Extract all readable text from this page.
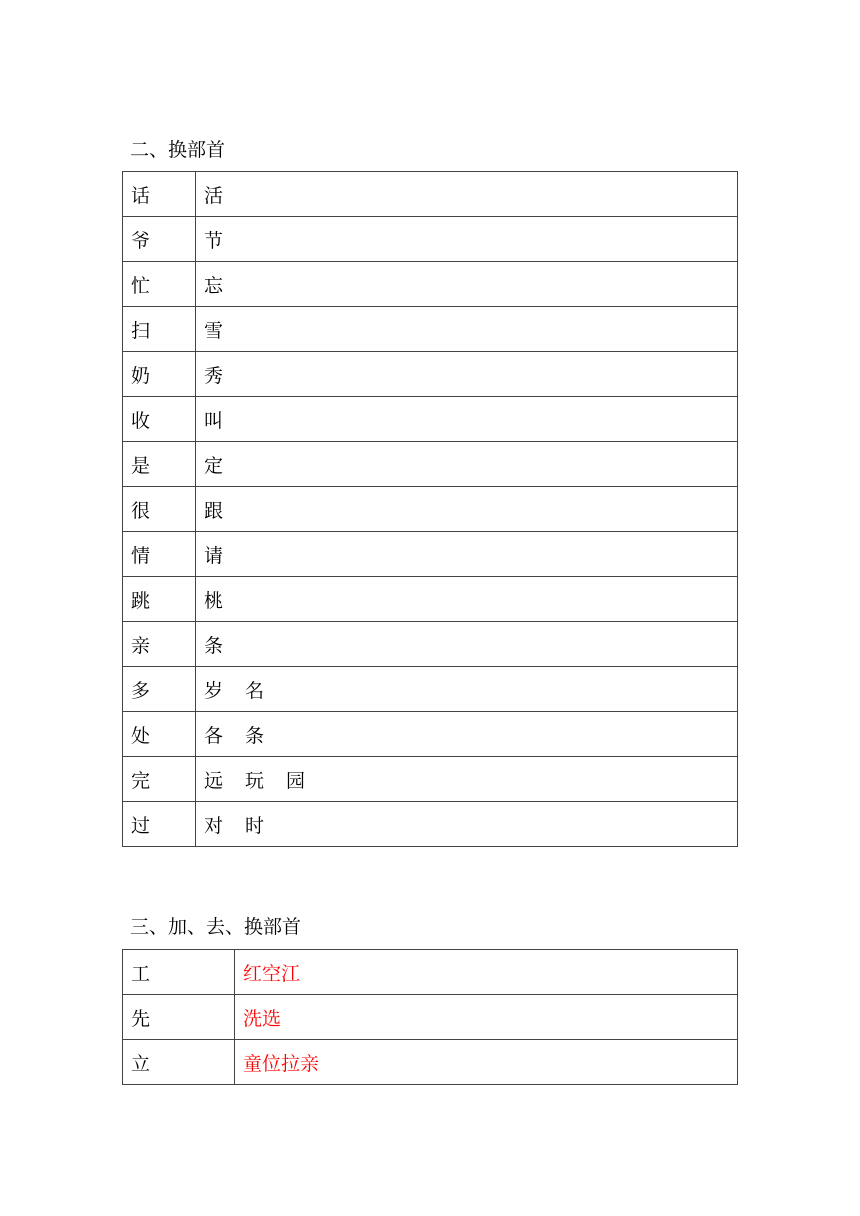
二、换部首
话	活
爷	节
忙	忘
扫	雪
奶	秀
收	叫
是	定
很	跟
情	请
跳	桃
亲	条
多	岁 名
处	各 条
完	远 玩 园
过	对 时
三、加、去、换部首
工	红空江
先	洗选
立	童位拉亲
